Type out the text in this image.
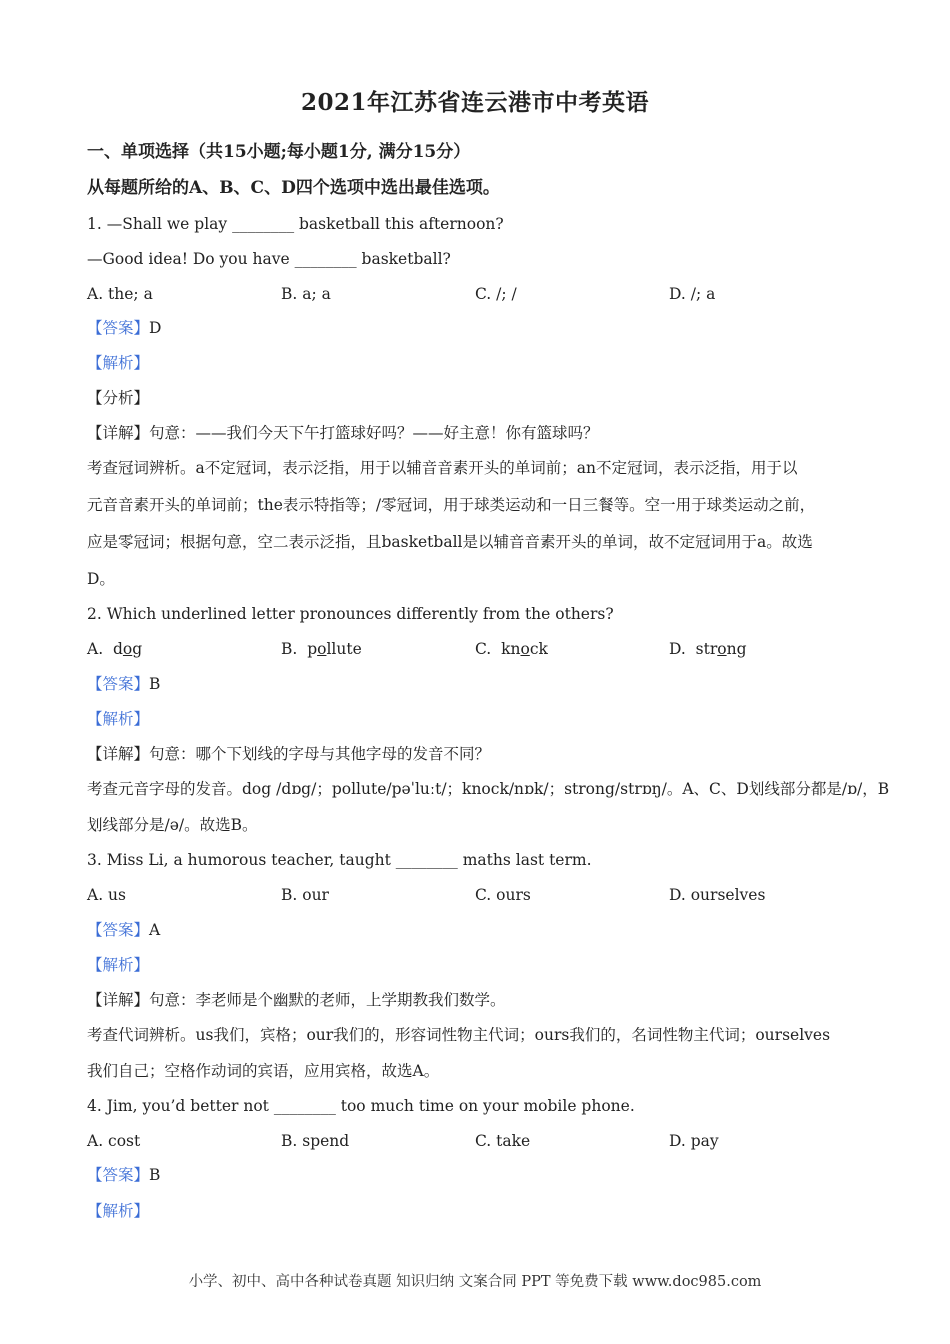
2021年江苏省连云港市中考英语
一、单项选择（共15小题;每小题1分, 满分15分）
从每题所给的A、B、C、D四个选项中选出最佳选项。
1. —Shall we play ________ basketball this afternoon?
—Good idea! Do you have ________ basketball?
A. the; a	B. a; a	C. /; /	D. /; a
【答案】D
【解析】
【分析】
【详解】句意：——我们今天下午打篮球好吗？——好主意！你有篮球吗？
考查冠词辨析。a不定冠词，表示泛指，用于以辅音音素开头的单词前；an不定冠词，表示泛指，用于以
元音音素开头的单词前；the表示特指等；/零冠词，用于球类运动和一日三餐等。空一用于球类运动之前，
应是零冠词；根据句意，空二表示泛指，且basketball是以辅音音素开头的单词，故不定冠词用于a。故选
D。
2. Which underlined letter pronounces differently from the others?
A. dog	B. pollute	C. knock	D. strong
【答案】B
【解析】
【详解】句意：哪个下划线的字母与其他字母的发音不同？
考查元音字母的发音。dog /dɒg/；pollute/pəˈluːt/；knock/nɒk/；strong/strɒŋ/。A、C、D划线部分都是/ɒ/，B
划线部分是/ə/。故选B。
3. Miss Li, a humorous teacher, taught ________ maths last term.
A. us	B. our	C. ours	D. ourselves
【答案】A
【解析】
【详解】句意：李老师是个幽默的老师，上学期教我们数学。
考查代词辨析。us我们，宾格；our我们的，形容词性物主代词；ours我们的，名词性物主代词；ourselves
我们自己；空格作动词的宾语，应用宾格，故选A。
4. Jim, you’d better not ________ too much time on your mobile phone.
A. cost	B. spend	C. take	D. pay
【答案】B
【解析】
小学、初中、高中各种试卷真题 知识归纳 文案合同 PPT 等免费下载 www.doc985.com
